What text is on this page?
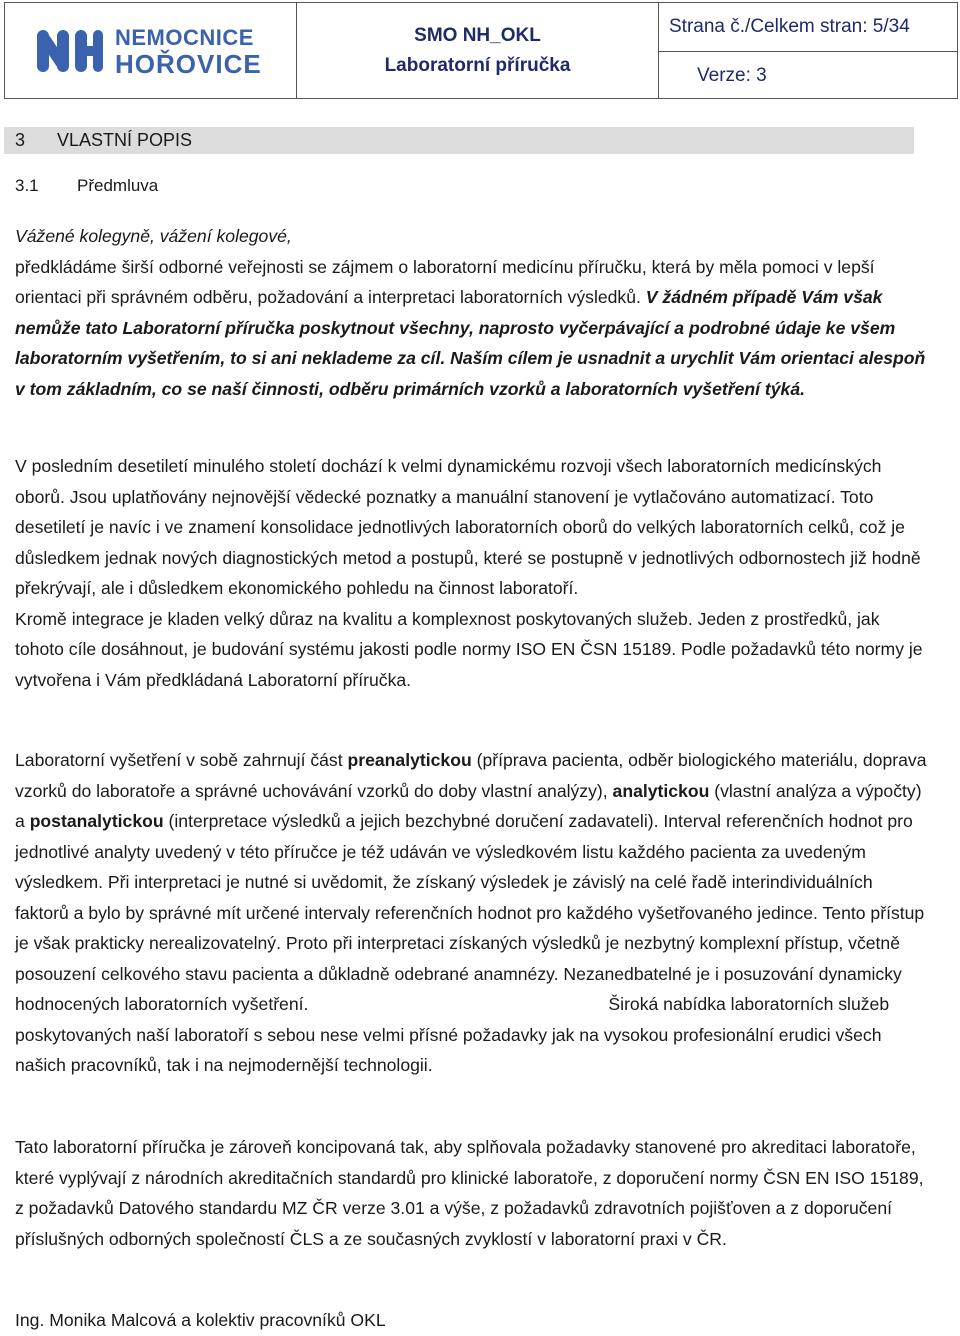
NEMOCNICE
HOŘOVICE
SMO NH_OKL
Laboratorní příručka
Strana č./Celkem stran: 5/34
Verze: 3
3 VLASTNÍ POPIS
3.1 Předmluva
Vážené kolegyně, vážení kolegové,
předkládáme širší odborné veřejnosti se zájmem o laboratorní medicínu příručku, která by měla pomoci v lepší orientaci při správném odběru, požadování a interpretaci laboratorních výsledků. V žádném případě Vám však nemůže tato Laboratorní příručka poskytnout všechny, naprosto vyčerpávající a podrobné údaje ke všem laboratorním vyšetřením, to si ani neklademe za cíl. Naším cílem je usnadnit a urychlit Vám orientaci alespoň v tom základním, co se naší činnosti, odběru primárních vzorků a laboratorních vyšetření týká.
V posledním desetiletí minulého století dochází k velmi dynamickému rozvoji všech laboratorních medicínských oborů. Jsou uplatňovány nejnovější vědecké poznatky a manuální stanovení je vytlačováno automatizací. Toto desetiletí je navíc i ve znamení konsolidace jednotlivých laboratorních oborů do velkých laboratorních celků, což je důsledkem jednak nových diagnostických metod a postupů, které se postupně v jednotlivých odbornostech již hodně překrývají, ale i důsledkem ekonomického pohledu na činnost laboratoří.
Kromě integrace je kladen velký důraz na kvalitu a komplexnost poskytovaných služeb. Jeden z prostředků, jak tohoto cíle dosáhnout, je budování systému jakosti podle normy ISO EN ČSN 15189. Podle požadavků této normy je vytvořena i Vám předkládaná Laboratorní příručka.
Laboratorní vyšetření v sobě zahrnují část preanalytickou (příprava pacienta, odběr biologického materiálu, doprava vzorků do laboratoře a správné uchovávání vzorků do doby vlastní analýzy), analytickou (vlastní analýza a výpočty) a postanalytickou (interpretace výsledků a jejich bezchybné doručení zadavateli). Interval referenčních hodnot pro jednotlivé analyty uvedený v této příručce je též udáván ve výsledkovém listu každého pacienta za uvedeným výsledkem. Při interpretaci je nutné si uvědomit, že získaný výsledek je závislý na celé řadě interindividuálních faktorů a bylo by správné mít určené intervaly referenčních hodnot pro každého vyšetřovaného jedince. Tento přístup je však prakticky nerealizovatelný. Proto při interpretaci získaných výsledků je nezbytný komplexní přístup, včetně posouzení celkového stavu pacienta a důkladně odebrané anamnézy. Nezanedbatelné je i posuzování dynamicky hodnocených laboratorních vyšetření.	Široká nabídka laboratorních služeb poskytovaných naší laboratoří s sebou nese velmi přísné požadavky jak na vysokou profesionální erudici všech našich pracovníků, tak i na nejmodernější technologii.
Tato laboratorní příručka je zároveň koncipovaná tak, aby splňovala požadavky stanovené pro akreditaci laboratoře, které vyplývají z národních akreditačních standardů pro klinické laboratoře, z doporučení normy ČSN EN ISO 15189, z požadavků Datového standardu MZ ČR verze 3.01 a výše, z požadavků zdravotních pojišťoven a z doporučení příslušných odborných společností ČLS a ze současných zvyklostí v laboratorní praxi v ČR.
Ing. Monika Malcová a kolektiv pracovníků OKL
